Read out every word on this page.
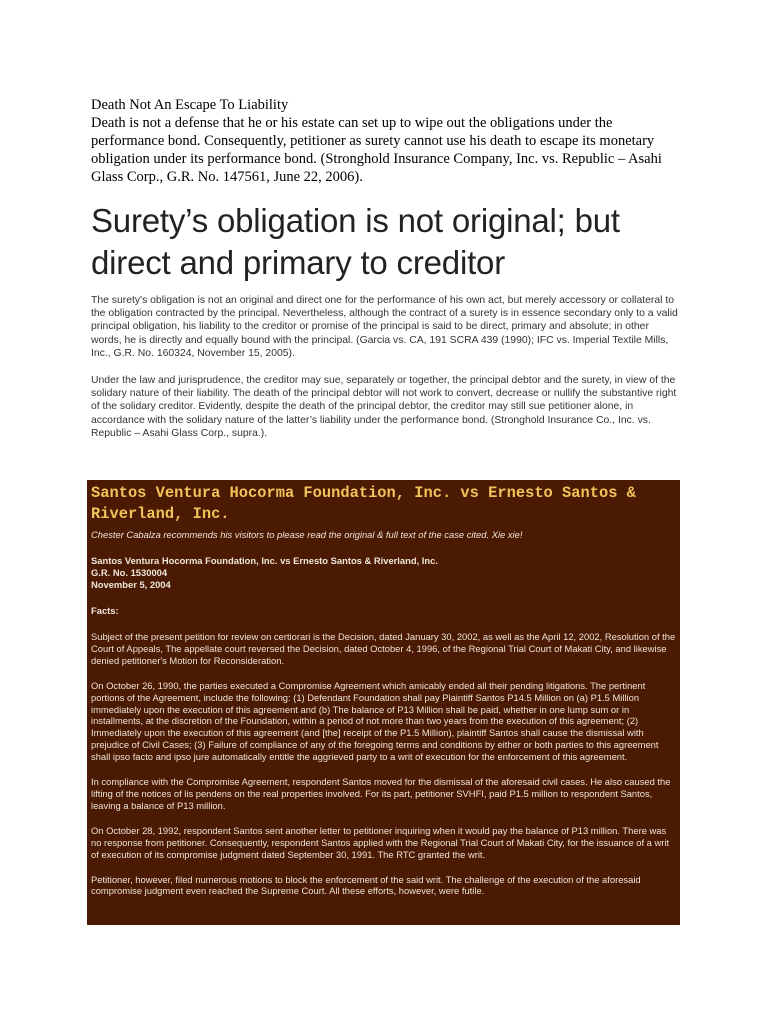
Death Not An Escape To Liability

Death is not a defense that he or his estate can set up to wipe out the obligations under the performance bond. Consequently, petitioner as surety cannot use his death to escape its monetary obligation under its performance bond. (Stronghold Insurance Company, Inc. vs. Republic – Asahi Glass Corp., G.R. No. 147561, June 22, 2006).

Surety’s obligation is not original; but direct and primary to creditor

The surety's obligation is not an original and direct one for the performance of his own act, but merely accessory or collateral to the obligation contracted by the principal. Nevertheless, although the contract of a surety is in essence secondary only to a valid principal obligation, his liability to the creditor or promise of the principal is said to be direct, primary and absolute; in other words, he is directly and equally bound with the principal. (Garcia vs. CA, 191 SCRA 439 (1990); IFC vs. Imperial Textile Mills, Inc., G.R. No. 160324, November 15, 2005).

Under the law and jurisprudence, the creditor may sue, separately or together, the principal debtor and the surety, in view of the solidary nature of their liability. The death of the principal debtor will not work to convert, decrease or nullify the substantive right of the solidary creditor. Evidently, despite the death of the principal debtor, the creditor may still sue petitioner alone, in accordance with the solidary nature of the latter’s liability under the performance bond. (Stronghold Insurance Co., Inc. vs. Republic – Asahi Glass Corp., supra.).

Santos Ventura Hocorma Foundation, Inc. vs Ernesto Santos & Riverland, Inc.

Chester Cabalza recommends his visitors to please read the original & full text of the case cited. Xie xie!

Santos Ventura Hocorma Foundation, Inc. vs Ernesto Santos & Riverland, Inc.
G.R. No. 1530004
November 5, 2004

Facts:

Subject of the present petition for review on certiorari is the Decision, dated January 30, 2002, as well as the April 12, 2002, Resolution of the Court of Appeals, The appellate court reversed the Decision, dated October 4, 1996, of the Regional Trial Court of Makati City, and likewise denied petitioner's Motion for Reconsideration.

On October 26, 1990, the parties executed a Compromise Agreement which amicably ended all their pending litigations. The pertinent portions of the Agreement, include the following: (1) Defendant Foundation shall pay Plaintiff Santos P14.5 Million on (a) P1.5 Million immediately upon the execution of this agreement and (b) The balance of P13 Million shall be paid, whether in one lump sum or in installments, at the discretion of the Foundation, within a period of not more than two years from the execution of this agreement; (2) Immediately upon the execution of this agreement (and [the] receipt of the P1.5 Million), plaintiff Santos shall cause the dismissal with prejudice of Civil Cases; (3) Failure of compliance of any of the foregoing terms and conditions by either or both parties to this agreement shall ipso facto and ipso jure automatically entitle the aggrieved party to a writ of execution for the enforcement of this agreement.

In compliance with the Compromise Agreement, respondent Santos moved for the dismissal of the aforesaid civil cases. He also caused the lifting of the notices of lis pendens on the real properties involved. For its part, petitioner SVHFI, paid P1.5 million to respondent Santos, leaving a balance of P13 million.

On October 28, 1992, respondent Santos sent another letter to petitioner inquiring when it would pay the balance of P13 million. There was no response from petitioner. Consequently, respondent Santos applied with the Regional Trial Court of Makati City, for the issuance of a writ of execution of its compromise judgment dated September 30, 1991. The RTC granted the writ.

Petitioner, however, filed numerous motions to block the enforcement of the said writ. The challenge of the execution of the aforesaid compromise judgment even reached the Supreme Court. All these efforts, however, were futile.
